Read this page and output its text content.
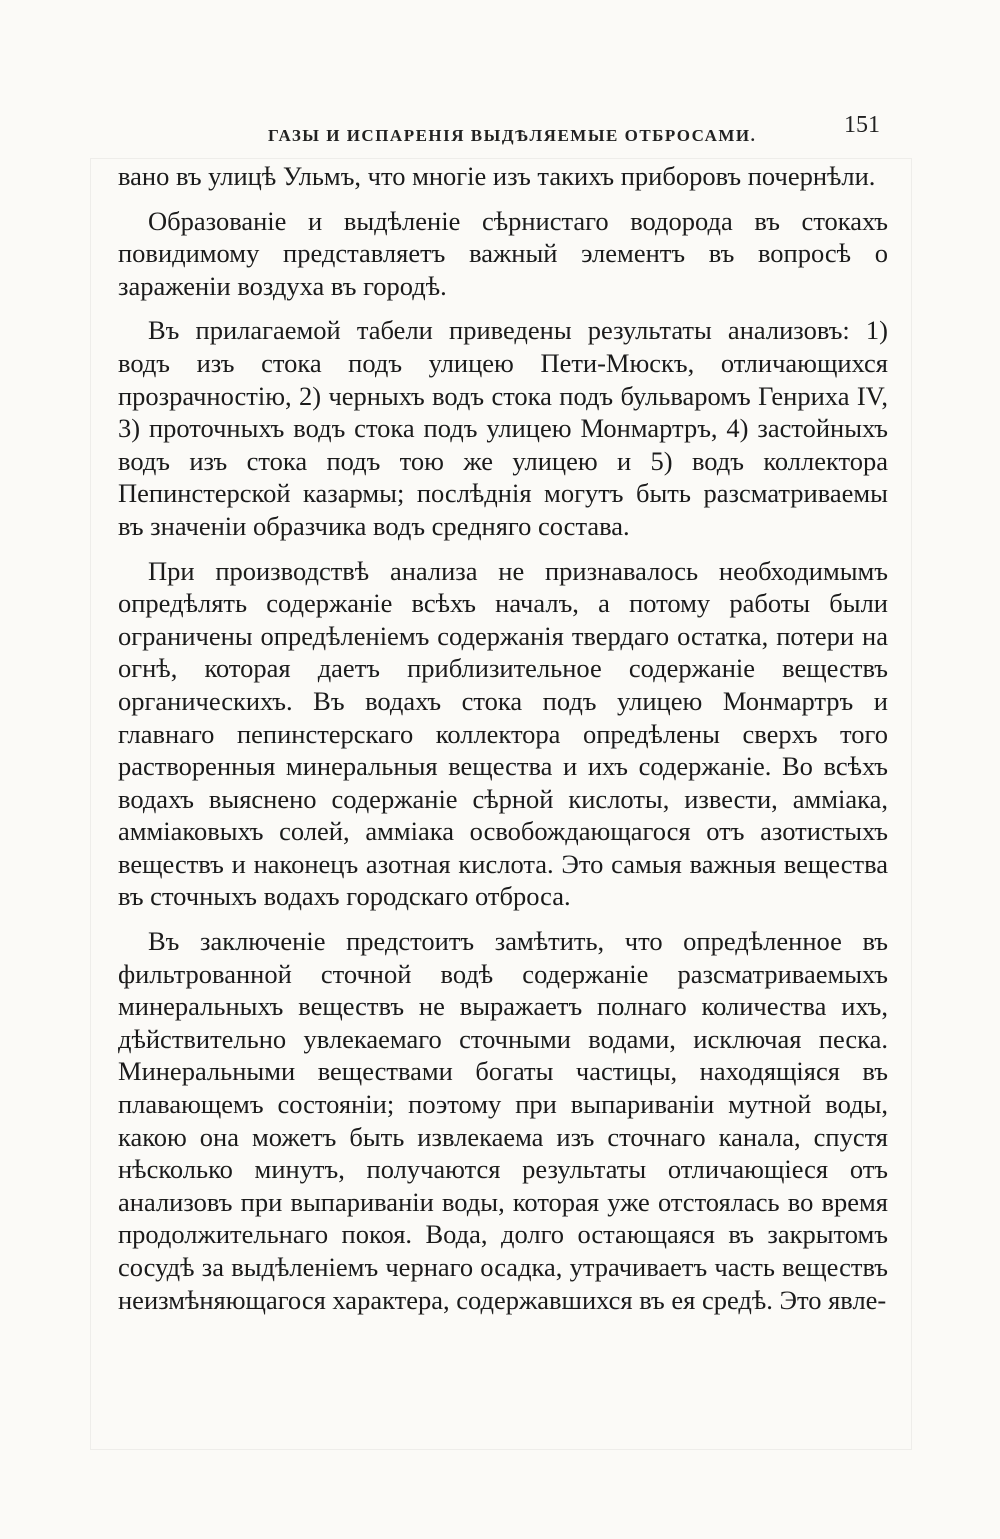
ГАЗЫ И ИСПАРЕНІЯ ВЫДѢЛЯЕМЫЕ ОТБРОСАМИ.	151

вано въ улицѣ Ульмъ, что многіе изъ такихъ приборовъ почернѣли.

Образованіе и выдѣленіе сѣрнистаго водорода въ стокахъ повидимому представляетъ важный элементъ въ вопросѣ о зараженіи воздуха въ городѣ.

Въ прилагаемой табели приведены результаты анализовъ: 1) водъ изъ стока подъ улицею Пети-Мюскъ, отличающихся прозрачностію, 2) черныхъ водъ стока подъ бульваромъ Генриха IV, 3) проточныхъ водъ стока подъ улицею Монмартръ, 4) застойныхъ водъ изъ стока подъ тою же улицею и 5) водъ коллектора Пепинстерской казармы; послѣднія могутъ быть разсматриваемы въ значеніи образчика водъ средняго состава.

При производствѣ анализа не признавалось необходимымъ опредѣлять содержаніе всѣхъ началъ, а потому работы были ограничены опредѣленіемъ содержанія твердаго остатка, потери на огнѣ, которая даетъ приблизительное содержаніе веществъ органическихъ. Въ водахъ стока подъ улицею Монмартръ и главнаго пепинстерскаго коллектора опредѣлены сверхъ того растворенныя минеральныя вещества и ихъ содержаніе. Во всѣхъ водахъ выяснено содержаніе сѣрной кислоты, извести, амміака, амміаковыхъ солей, амміака освобождающагося отъ азотистыхъ веществъ и наконецъ азотная кислота. Это самыя важныя вещества въ сточныхъ водахъ городскаго отброса.

Въ заключеніе предстоитъ замѣтить, что опредѣленное въ фильтрованной сточной водѣ содержаніе разсматриваемыхъ минеральныхъ веществъ не выражаетъ полнаго количества ихъ, дѣйствительно увлекаемаго сточными водами, исключая песка. Минеральными веществами богаты частицы, находящіяся въ плавающемъ состояніи; поэтому при выпариваніи мутной воды, какою она можетъ быть извлекаема изъ сточнаго канала, спустя нѣсколько минутъ, получаются результаты отличающіеся отъ анализовъ при выпариваніи воды, которая уже отстоялась во время продолжительнаго покоя. Вода, долго остающаяся въ закрытомъ сосудѣ за выдѣленіемъ чернаго осадка, утрачиваетъ часть веществъ неизмѣняющагося характера, содержавшихся въ ея средѣ. Это явле-
